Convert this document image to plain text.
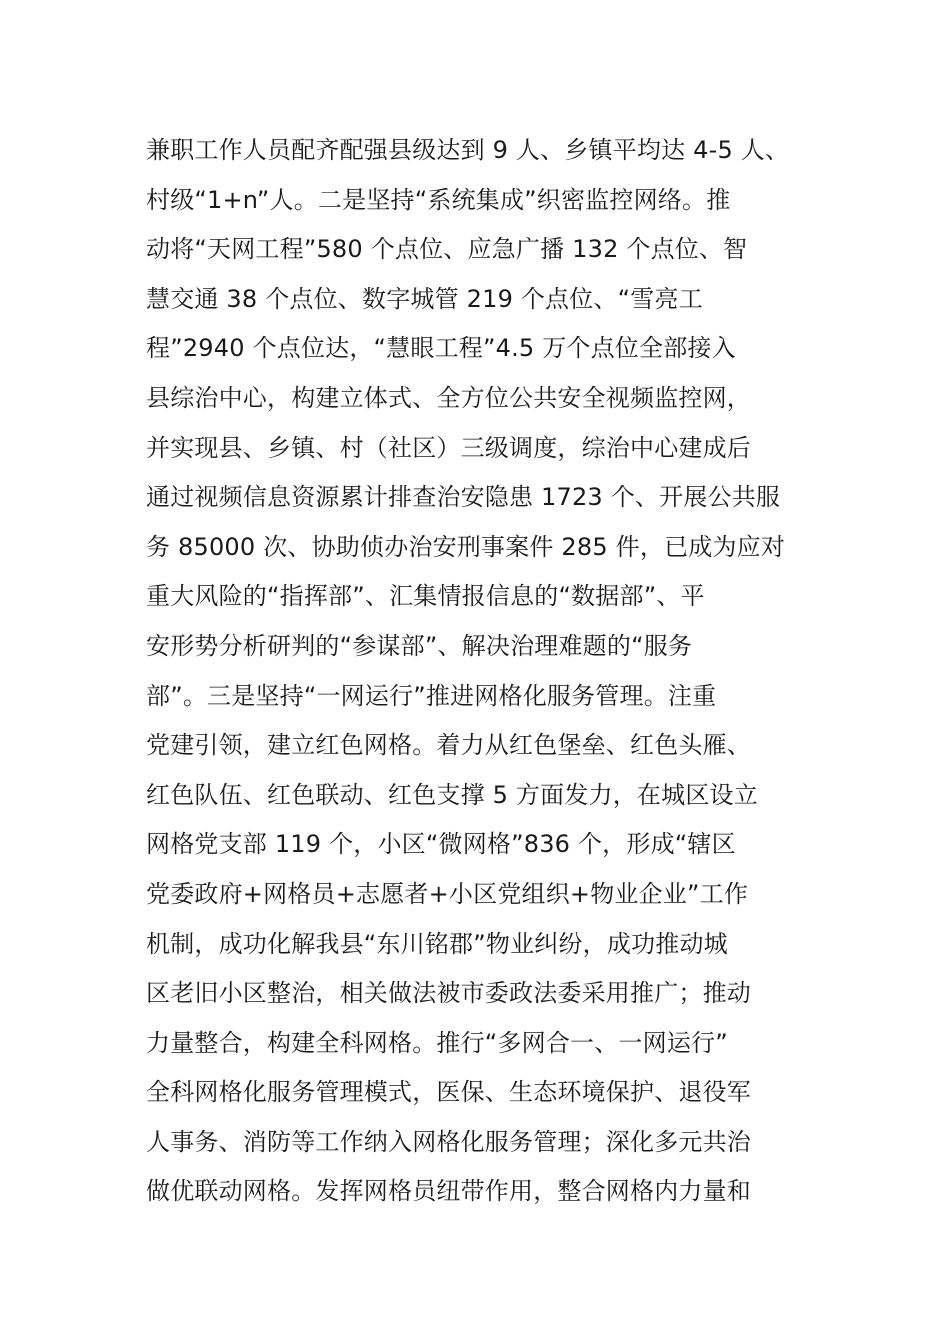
兼职工作人员配齐配强县级达到 9 人、乡镇平均达 4-5 人、
村级“1+n”人。二是坚持“系统集成”织密监控网络。推
动将“天网工程”580 个点位、应急广播 132 个点位、智
慧交通 38 个点位、数字城管 219 个点位、“雪亮工
程”2940 个点位达，“慧眼工程”4.5 万个点位全部接入
县综治中心，构建立体式、全方位公共安全视频监控网，
并实现县、乡镇、村（社区）三级调度，综治中心建成后
通过视频信息资源累计排查治安隐患 1723 个、开展公共服
务 85000 次、协助侦办治安刑事案件 285 件，已成为应对
重大风险的“指挥部”、汇集情报信息的“数据部”、平
安形势分析研判的“参谋部”、解决治理难题的“服务
部”。三是坚持“一网运行”推进网格化服务管理。注重
党建引领，建立红色网格。着力从红色堡垒、红色头雁、
红色队伍、红色联动、红色支撑 5 方面发力，在城区设立
网格党支部 119 个，小区“微网格”836 个，形成“辖区
党委政府+网格员+志愿者+小区党组织+物业企业”工作
机制，成功化解我县“东川铭郡”物业纠纷，成功推动城
区老旧小区整治，相关做法被市委政法委采用推广；推动
力量整合，构建全科网格。推行“多网合一、一网运行”
全科网格化服务管理模式，医保、生态环境保护、退役军
人事务、消防等工作纳入网格化服务管理；深化多元共治
做优联动网格。发挥网格员纽带作用，整合网格内力量和
